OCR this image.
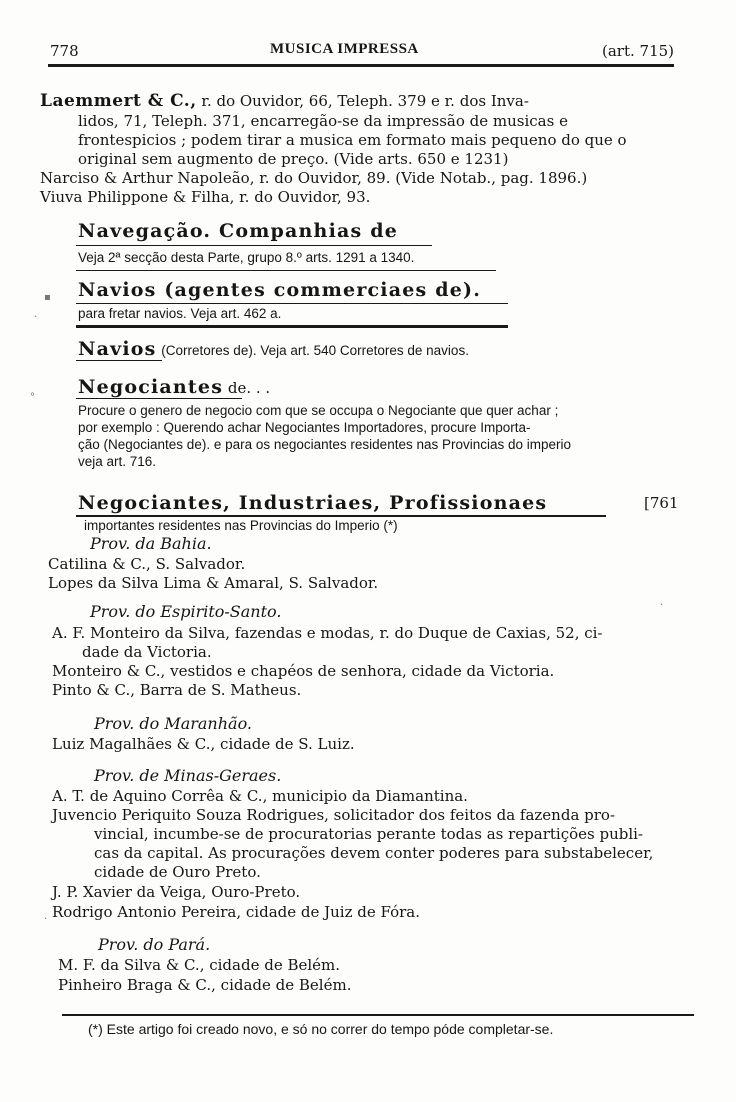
778	MUSICA IMPRESSA	(art. 715)
Laemmert & C., r. do Ouvidor, 66, Teleph. 379 e r. dos Inva-
lidos, 71, Teleph. 371, encarregão-se da impressão de musicas e
frontespicios ; podem tirar a musica em formato mais pequeno do que o
original sem augmento de preço. (Vide arts. 650 e 1231)
Narciso & Arthur Napoleão, r. do Ouvidor, 89. (Vide Notab., pag. 1896.)
Viuva Philippone & Filha, r. do Ouvidor, 93.
Navegação. Companhias de
Veja 2ª secção desta Parte, grupo 8.º arts. 1291 a 1340.
Navios (agentes commerciaes de).
para fretar navios. Veja art. 462 a.
Navios (Corretores de). Veja art. 540 Corretores de navios.
Negociantes de. . .
Procure o genero de negocio com que se occupa o Negociante que quer achar ;
por exemplo : Querendo achar Negociantes Importadores, procure Importa-
ção (Negociantes de). e para os negociantes residentes nas Provincias do imperio
veja art. 716.
Negociantes, Industriaes, Profissionaes	[761
importantes residentes nas Provincias do Imperio (*)
Prov. da Bahia.
Catilina & C., S. Salvador.
Lopes da Silva Lima & Amaral, S. Salvador.
Prov. do Espirito-Santo.
A. F. Monteiro da Silva, fazendas e modas, r. do Duque de Caxias, 52, ci-
dade da Victoria.
Monteiro & C., vestidos e chapéos de senhora, cidade da Victoria.
Pinto & C., Barra de S. Matheus.
Prov. do Maranhão.
Luiz Magalhães & C., cidade de S. Luiz.
Prov. de Minas-Geraes.
A. T. de Aquino Corrêa & C., municipio da Diamantina.
Juvencio Periquito Souza Rodrigues, solicitador dos feitos da fazenda pro-
vincial, incumbe-se de procuratorias perante todas as repartições publi-
cas da capital. As procurações devem conter poderes para substabelecer,
cidade de Ouro Preto.
J. P. Xavier da Veiga, Ouro-Preto.
Rodrigo Antonio Pereira, cidade de Juiz de Fóra.
Prov. do Pará.
M. F. da Silva & C., cidade de Belém.
Pinheiro Braga & C., cidade de Belém.
(*) Este artigo foi creado novo, e só no correr do tempo póde completar-se.
▪
·
°
·
·
